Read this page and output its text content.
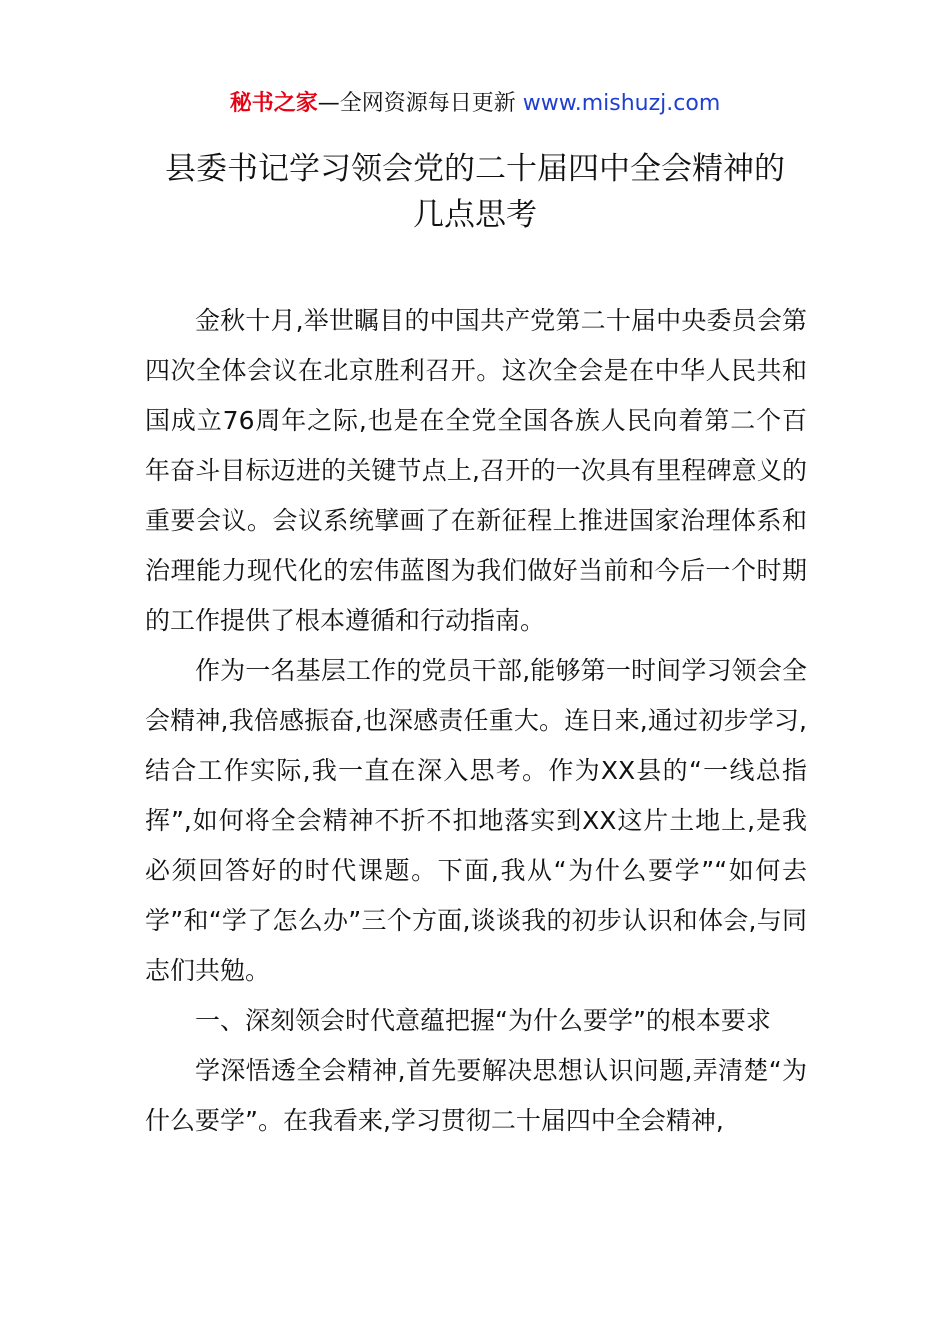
秘书之家—全网资源每日更新 www.mishuzj.com
县委书记学习领会党的二十届四中全会精神的
几点思考

金秋十月,举世瞩目的中国共产党第二十届中央委员会第四次全体会议在北京胜利召开。这次全会是在中华人民共和国成立76周年之际,也是在全党全国各族人民向着第二个百年奋斗目标迈进的关键节点上,召开的一次具有里程碑意义的重要会议。会议系统擘画了在新征程上推进国家治理体系和治理能力现代化的宏伟蓝图为我们做好当前和今后一个时期的工作提供了根本遵循和行动指南。

作为一名基层工作的党员干部,能够第一时间学习领会全会精神,我倍感振奋,也深感责任重大。连日来,通过初步学习,结合工作实际,我一直在深入思考。作为XX县的“一线总指挥”,如何将全会精神不折不扣地落实到XX这片土地上,是我必须回答好的时代课题。下面,我从“为什么要学”“如何去学”和“学了怎么办”三个方面,谈谈我的初步认识和体会,与同志们共勉。

一、深刻领会时代意蕴把握“为什么要学”的根本要求

学深悟透全会精神,首先要解决思想认识问题,弄清楚“为什么要学”。在我看来,学习贯彻二十届四中全会精神,
